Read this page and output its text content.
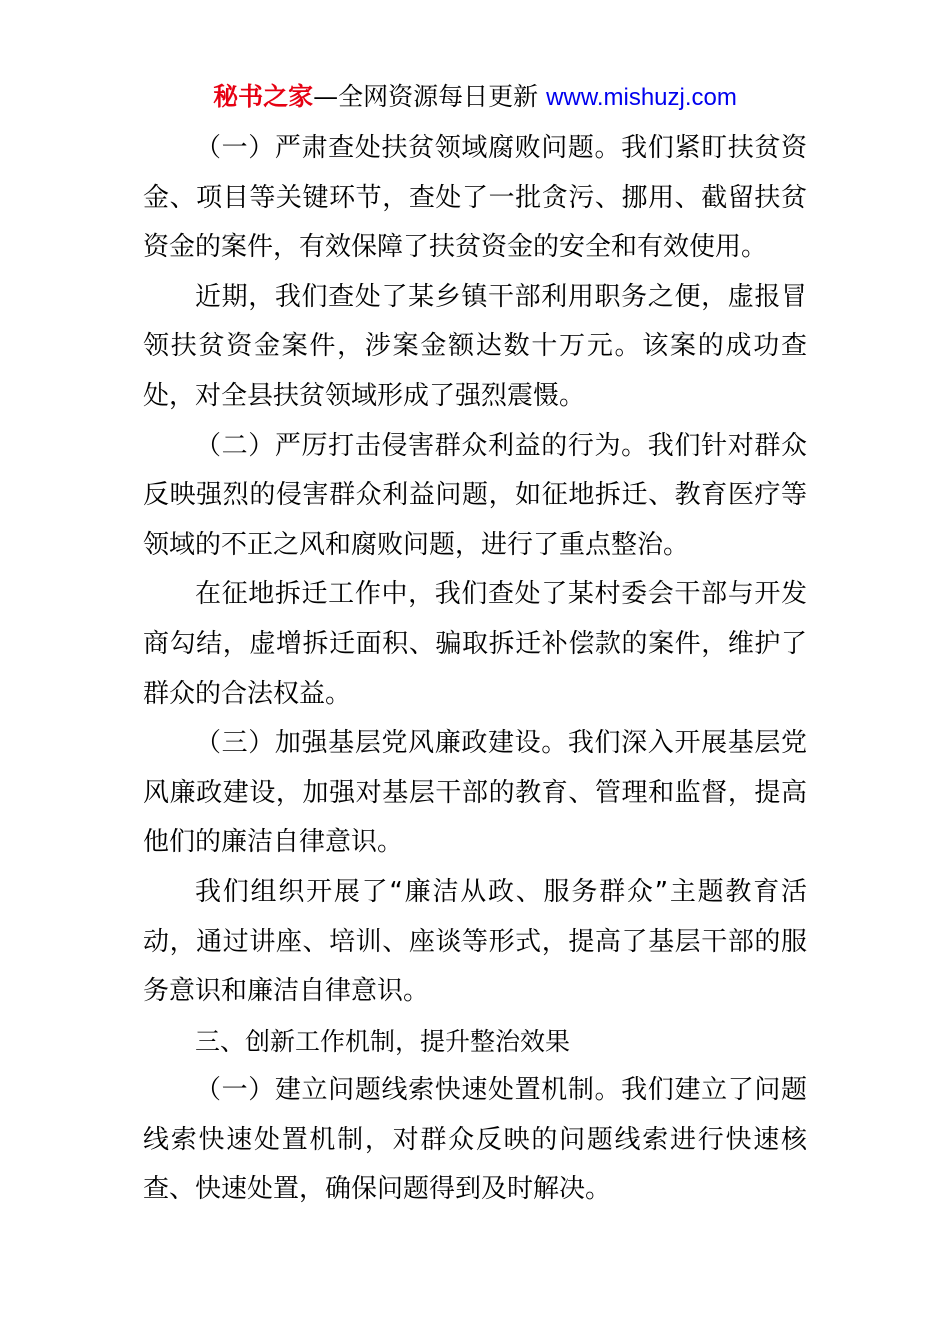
秘书之家—全网资源每日更新 www.mishuzj.com

（一）严肃查处扶贫领域腐败问题。我们紧盯扶贫资金、项目等关键环节，查处了一批贪污、挪用、截留扶贫资金的案件，有效保障了扶贫资金的安全和有效使用。

近期，我们查处了某乡镇干部利用职务之便，虚报冒领扶贫资金案件，涉案金额达数十万元。该案的成功查处，对全县扶贫领域形成了强烈震慑。

（二）严厉打击侵害群众利益的行为。我们针对群众反映强烈的侵害群众利益问题，如征地拆迁、教育医疗等领域的不正之风和腐败问题，进行了重点整治。

在征地拆迁工作中，我们查处了某村委会干部与开发商勾结，虚增拆迁面积、骗取拆迁补偿款的案件，维护了群众的合法权益。

（三）加强基层党风廉政建设。我们深入开展基层党风廉政建设，加强对基层干部的教育、管理和监督，提高他们的廉洁自律意识。

我们组织开展了“廉洁从政、服务群众”主题教育活动，通过讲座、培训、座谈等形式，提高了基层干部的服务意识和廉洁自律意识。

三、创新工作机制，提升整治效果

（一）建立问题线索快速处置机制。我们建立了问题线索快速处置机制，对群众反映的问题线索进行快速核查、快速处置，确保问题得到及时解决。
